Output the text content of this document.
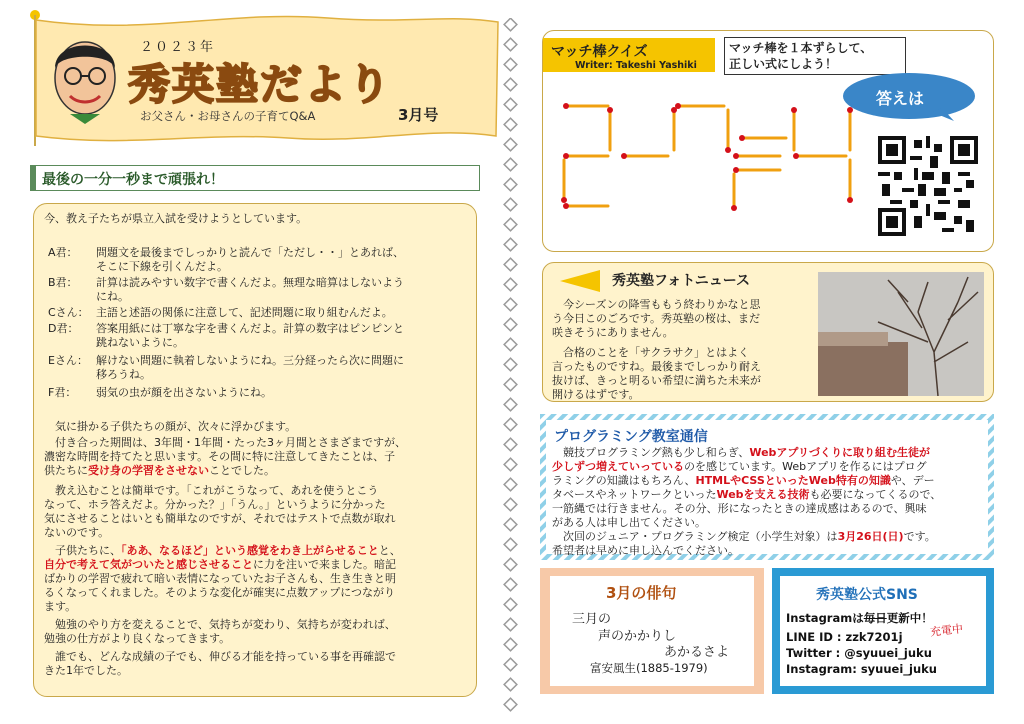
２０２３年
秀英塾だより
お父さん・お母さんの子育てQ&A	3月号
最後の一分一秒まで頑張れ！
今、教え子たちが県立入試を受けようとしています。
A君： 問題文を最後までしっかりと読んで「ただし・・」とあれば、
そこに下線を引くんだよ。
B君： 計算は読みやすい数字で書くんだよ。無理な暗算はしないよう
にね。
Cさん： 主語と述語の関係に注意して、記述問題に取り組むんだよ。
D君： 答案用紙には丁寧な字を書くんだよ。計算の数字はピンピンと
跳ねないように。
Eさん： 解けない問題に執着しないようにね。三分経ったら次に問題に
移ろうね。
F君： 弱気の虫が顔を出さないようにね。
　気に掛かる子供たちの顔が、次々に浮かびます。
　付き合った期間は、3年間・1年間・たった3ヶ月間とさまざまですが、
濃密な時間を持てたと思います。その間に特に注意してきたことは、子
供たちに受け身の学習をさせないことでした。
　教え込むことは簡単です。「これがこうなって、あれを使うとこう
なって、ホラ答えだよ。分かった？」「うん。」というように分かった
気にさせることはいとも簡単なのですが、それではテストで点数が取れ
ないのです。
　子供たちに、「ああ、なるほど」という感覚をわき上がらせることと、
自分で考えて気がついたと感じさせることに力を注いで来ました。暗記
ばかりの学習で疲れて暗い表情になっていたお子さんも、生き生きと明
るくなってくれました。そのような変化が確実に点数アップにつながり
ます。
　勉強のやり方を変えることで、気持ちが変わり、気持ちが変われば、
勉強の仕方がより良くなってきます。
　誰でも、どんな成績の子でも、伸びる才能を持っている事を再確認で
きた1年でした。
マッチ棒クイズ
Writer: Takeshi Yashiki
マッチ棒を１本ずらして、
正しい式にしよう！
答えは
秀英塾フォトニュース
　今シーズンの降雪ももう終わりかなと思
う今日このごろです。秀英塾の桜は、まだ
咲きそうにありません。
　合格のことを「サクラサク」とはよく
言ったものですね。最後までしっかり耐え
抜けば、きっと明るい希望に満ちた未来が
開けるはずです。
プログラミング教室通信
　競技プログラミング熱も少し和らぎ、Webアプリづくりに取り組む生徒が
少しずつ増えていっているのを感じています。Webアプリを作るにはプログ
ラミングの知識はもちろん、HTMLやCSSといったWeb特有の知識や、デー
タベースやネットワークといったWebを支える技術も必要になってくるので、
一筋縄では行きません。その分、形になったときの達成感はあるので、興味
がある人は申し出てください。
　次回のジュニア・プログラミング検定（小学生対象）は3月26日(日)です。
希望者は早めに申し込んでください。
3月の俳句
三月の
声のかかりし
あかるさよ
富安風生(1885-1979)
秀英塾公式SNS
Instagramは毎日更新中！
充電中
LINE ID : zzk7201j
Twitter : @syuuei_juku
Instagram: syuuei_juku
